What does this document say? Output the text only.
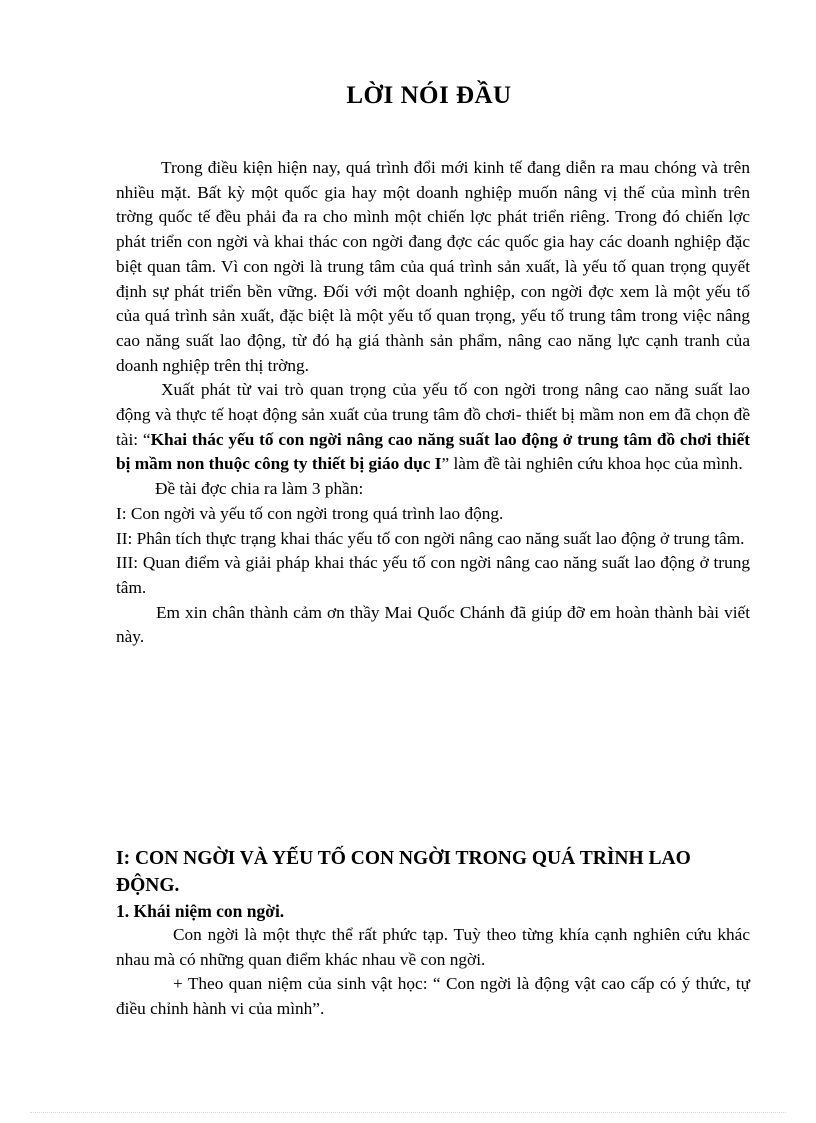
LỜI NÓI ĐẦU

Trong điều kiện hiện nay, quá trình đổi mới kinh tế đang diễn ra mau chóng và trên nhiều mặt. Bất kỳ một quốc gia hay một doanh nghiệp muốn nâng vị thế của mình trên trờng quốc tế đều phải đa ra cho mình một chiến lợc phát triển riêng. Trong đó chiến lợc phát triển con ngời và khai thác con ngời đang đợc các quốc gia hay các doanh nghiệp đặc biệt quan tâm. Vì con ngời là trung tâm của quá trình sản xuất, là yếu tố quan trọng quyết định sự phát triển bền vững. Đối với một doanh nghiệp, con ngời đợc xem là một yếu tố của quá trình sản xuất, đặc biệt là một yếu tố quan trọng, yếu tố trung tâm trong việc nâng cao năng suất lao động, từ đó hạ giá thành sản phẩm, nâng cao năng lực cạnh tranh của doanh nghiệp trên thị trờng.

Xuất phát từ vai trò quan trọng của yếu tố con ngời trong nâng cao năng suất lao động và thực tế hoạt động sản xuất của trung tâm đồ chơi- thiết bị mầm non em đã chọn đề tài: “Khai thác yếu tố con ngời nâng cao năng suất lao động ở trung tâm đồ chơi thiết bị mầm non thuộc công ty thiết bị giáo dục I” làm đề tài nghiên cứu khoa học của mình.

Đề tài đợc chia ra làm 3 phần:

I: Con ngời và yếu tố con ngời trong quá trình lao động.

II: Phân tích thực trạng khai thác yếu tố con ngời nâng cao năng suất lao động ở trung tâm.

III: Quan điểm và giải pháp khai thác yếu tố con ngời nâng cao năng suất lao động ở trung tâm.

Em xin chân thành cảm ơn thầy Mai Quốc Chánh đã giúp đỡ em hoàn thành bài viết này.

I: CON NGỜI VÀ YẾU TỐ CON NGỜI TRONG QUÁ TRÌNH LAO ĐỘNG.

1. Khái niệm con ngời.

Con ngời là một thực thể rất phức tạp. Tuỳ theo từng khía cạnh nghiên cứu khác nhau mà có những quan điểm khác nhau về con ngời.

+ Theo quan niệm của sinh vật học: “ Con ngời là động vật cao cấp có ý thức, tự điều chỉnh hành vi của mình”.
